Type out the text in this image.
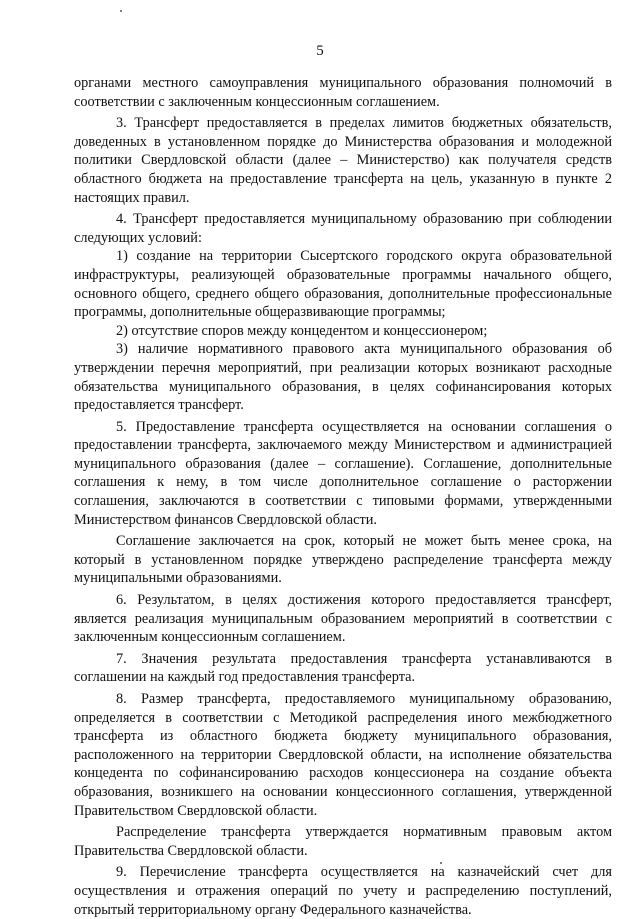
5

органами местного самоуправления муниципального образования полномочий в соответствии с заключенным концессионным соглашением.

3. Трансферт предоставляется в пределах лимитов бюджетных обязательств, доведенных в установленном порядке до Министерства образования и молодежной политики Свердловской области (далее – Министерство) как получателя средств областного бюджета на предоставление трансферта на цель, указанную в пункте 2 настоящих правил.

4. Трансферт предоставляется муниципальному образованию при соблюдении следующих условий:

1) создание на территории Сысертского городского округа образовательной инфраструктуры, реализующей образовательные программы начального общего, основного общего, среднего общего образования, дополнительные профессиональные программы, дополнительные общеразвивающие программы;

2) отсутствие споров между концедентом и концессионером;

3) наличие нормативного правового акта муниципального образования об утверждении перечня мероприятий, при реализации которых возникают расходные обязательства муниципального образования, в целях софинансирования которых предоставляется трансферт.

5. Предоставление трансферта осуществляется на основании соглашения о предоставлении трансферта, заключаемого между Министерством и администрацией муниципального образования (далее – соглашение). Соглашение, дополнительные соглашения к нему, в том числе дополнительное соглашение о расторжении соглашения, заключаются в соответствии с типовыми формами, утвержденными Министерством финансов Свердловской области.

Соглашение заключается на срок, который не может быть менее срока, на который в установленном порядке утверждено распределение трансферта между муниципальными образованиями.

6. Результатом, в целях достижения которого предоставляется трансферт, является реализация муниципальным образованием мероприятий в соответствии с заключенным концессионным соглашением.

7. Значения результата предоставления трансферта устанавливаются в соглашении на каждый год предоставления трансферта.

8. Размер трансферта, предоставляемого муниципальному образованию, определяется в соответствии с Методикой распределения иного межбюджетного трансферта из областного бюджета бюджету муниципального образования, расположенного на территории Свердловской области, на исполнение обязательства концедента по софинансированию расходов концессионера на создание объекта образования, возникшего на основании концессионного соглашения, утвержденной Правительством Свердловской области.

Распределение трансферта утверждается нормативным правовым актом Правительства Свердловской области.

9. Перечисление трансферта осуществляется на казначейский счет для осуществления и отражения операций по учету и распределению поступлений, открытый территориальному органу Федерального казначейства.
